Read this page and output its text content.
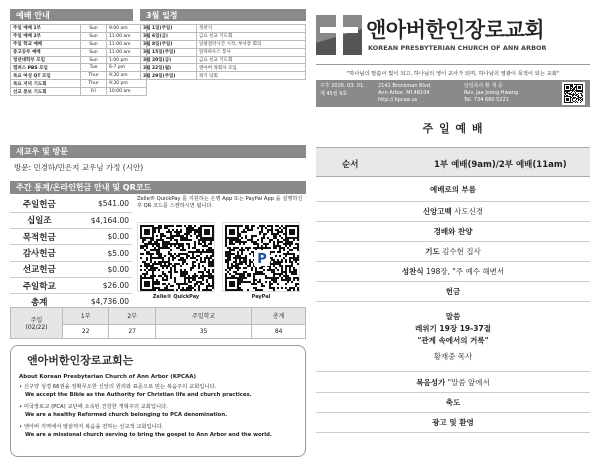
예배 안내
주일 예배 1부	Sun	9:00 am
주일 예배 2부	Sun	11:00 am
주일 학교 예배	Sun	11:00 am
중고등부 예배	Sun	11:00 am
청년대학부 모임	Sun	1:00 pm
캠퍼스 PBS 모임	Tue	6-7 pm
목요 여성 QT 모임	Thur	9:30 am
목요 저녁 기도회	Thur	9:30 pm
선교 중보 기도회	Fri	10:00 am
3월 일정
3월 1일(주일)	성찬식
3월 6일(금)	금요 선교 기도회
3월 8일(주일)	일광절약시간 시작, 부서장 회의
3월 15일(주일)	알파하우스 봉사
3월 20일(금)	금요 선교 기도회
3월 22일(월)	앤아버 목회자 모임
3월 29일(주일)	정기 당회
새교우 및 방문
방문: 민경하/민은지 교우님 가정 (시안)
주간 통계/온라인헌금 안내 및 QR코드
주일헌금	$541.00
십일조	$4,164.00
목적헌금	$0.00
감사헌금	$5.00
선교헌금	$0.00
주일학교	$26.00
총계	$4,736.00
Zelle® QuickPay 를 지원하는 은행 App 또는 PayPal App 을 실행하신 후 QR 코드를 스캔하시면 됩니다.
P
Zelle® QuickPay	PayPal
주일
(02/22)	1부	2부	주일학교	총계
	22	27	35	84
앤아버한인장로교회는
About Korean Presbyterian Church of Ann Arbor (KPCAA)
• 신구약 성경 66권을 정확무오한 신앙의 원리와 표준으로 믿는 복음주의 교회입니다.
We accept the Bible as the Authority for Christian life and church practices.
• 미국장로교 (PCA) 교단에 소속된 건강한 개혁주의 교회입니다.
We are a healthy Reformed church belonging to PCA denomination.
• 앤아버 지역에서 땅끝까지 복음을 전하는 선교적 교회입니다.
We are a missional church serving to bring the gospel to Ann Arbor and the world.
앤아버한인장로교회
KOREAN PRESBYTERIAN CHURCH OF ANN ARBOR
"하나님의 말씀이 빛이 되고, 하나님의 영이 교사가 되며, 하나님의 영광이 목적이 되는 교회"
주후 2026. 03. 01.
제 45권 9호
2141 Brockman Blvd.
Ann Arbor, MI 48104
http:// kpcaa.us
담임목사 황 재 중
Rev. Jae Joong Hwang
Tel. 734 680 5221
주 일 예 배
순서	1부 예배(9am)/2부 예배(11am)
예배로의 부름
신앙고백 사도신경
경배와 찬양
기도 김수현 집사
성찬식 198장, "주 예수 해변서
헌금
말씀
레위기 19장 19-37절
"관계 속에서의 거룩"
황재중 목사
복음성가 "말씀 앞에서
축도
광고 및 환영
